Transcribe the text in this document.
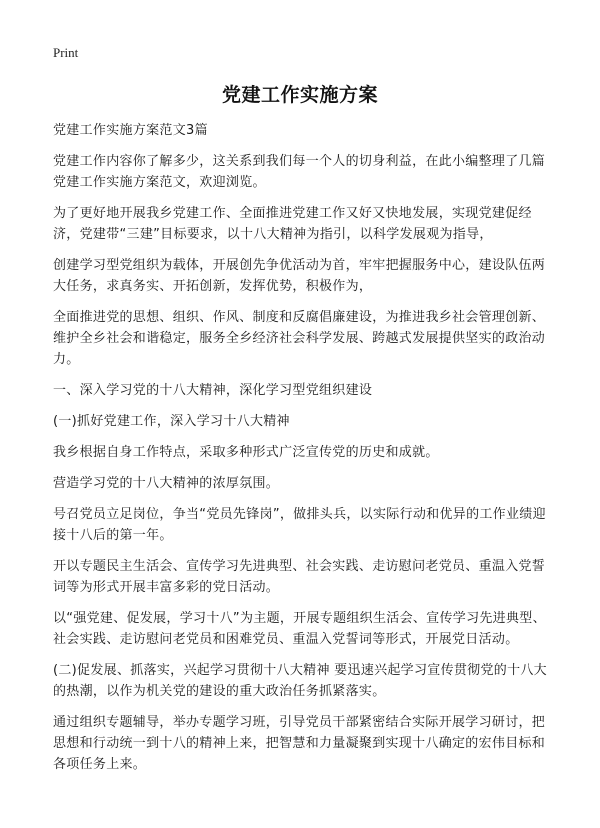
Print
党建工作实施方案

党建工作实施方案范文3篇

党建工作内容你了解多少，这关系到我们每一个人的切身利益，在此小编整理了几篇党建工作实施方案范文，欢迎浏览。

为了更好地开展我乡党建工作、全面推进党建工作又好又快地发展，实现党建促经济，党建带“三建”目标要求，以十八大精神为指引，以科学发展观为指导，

创建学习型党组织为载体，开展创先争优活动为首，牢牢把握服务中心，建设队伍两大任务，求真务实、开拓创新，发挥优势，积极作为，

全面推进党的思想、组织、作风、制度和反腐倡廉建设，为推进我乡社会管理创新、维护全乡社会和谐稳定，服务全乡经济社会科学发展、跨越式发展提供坚实的政治动力。

一、深入学习党的十八大精神，深化学习型党组织建设

(一)抓好党建工作，深入学习十八大精神

我乡根据自身工作特点，采取多种形式广泛宣传党的历史和成就。

营造学习党的十八大精神的浓厚氛围。

号召党员立足岗位，争当“党员先锋岗”，做排头兵，以实际行动和优异的工作业绩迎接十八后的第一年。

开以专题民主生活会、宣传学习先进典型、社会实践、走访慰问老党员、重温入党誓词等为形式开展丰富多彩的党日活动。

以“强党建、促发展，学习十八”为主题，开展专题组织生活会、宣传学习先进典型、社会实践、走访慰问老党员和困难党员、重温入党誓词等形式，开展党日活动。

(二)促发展、抓落实，兴起学习贯彻十八大精神 要迅速兴起学习宣传贯彻党的十八大的热潮，以作为机关党的建设的重大政治任务抓紧落实。

通过组织专题辅导，举办专题学习班，引导党员干部紧密结合实际开展学习研讨，把思想和行动统一到十八的精神上来，把智慧和力量凝聚到实现十八确定的宏伟目标和各项任务上来。
